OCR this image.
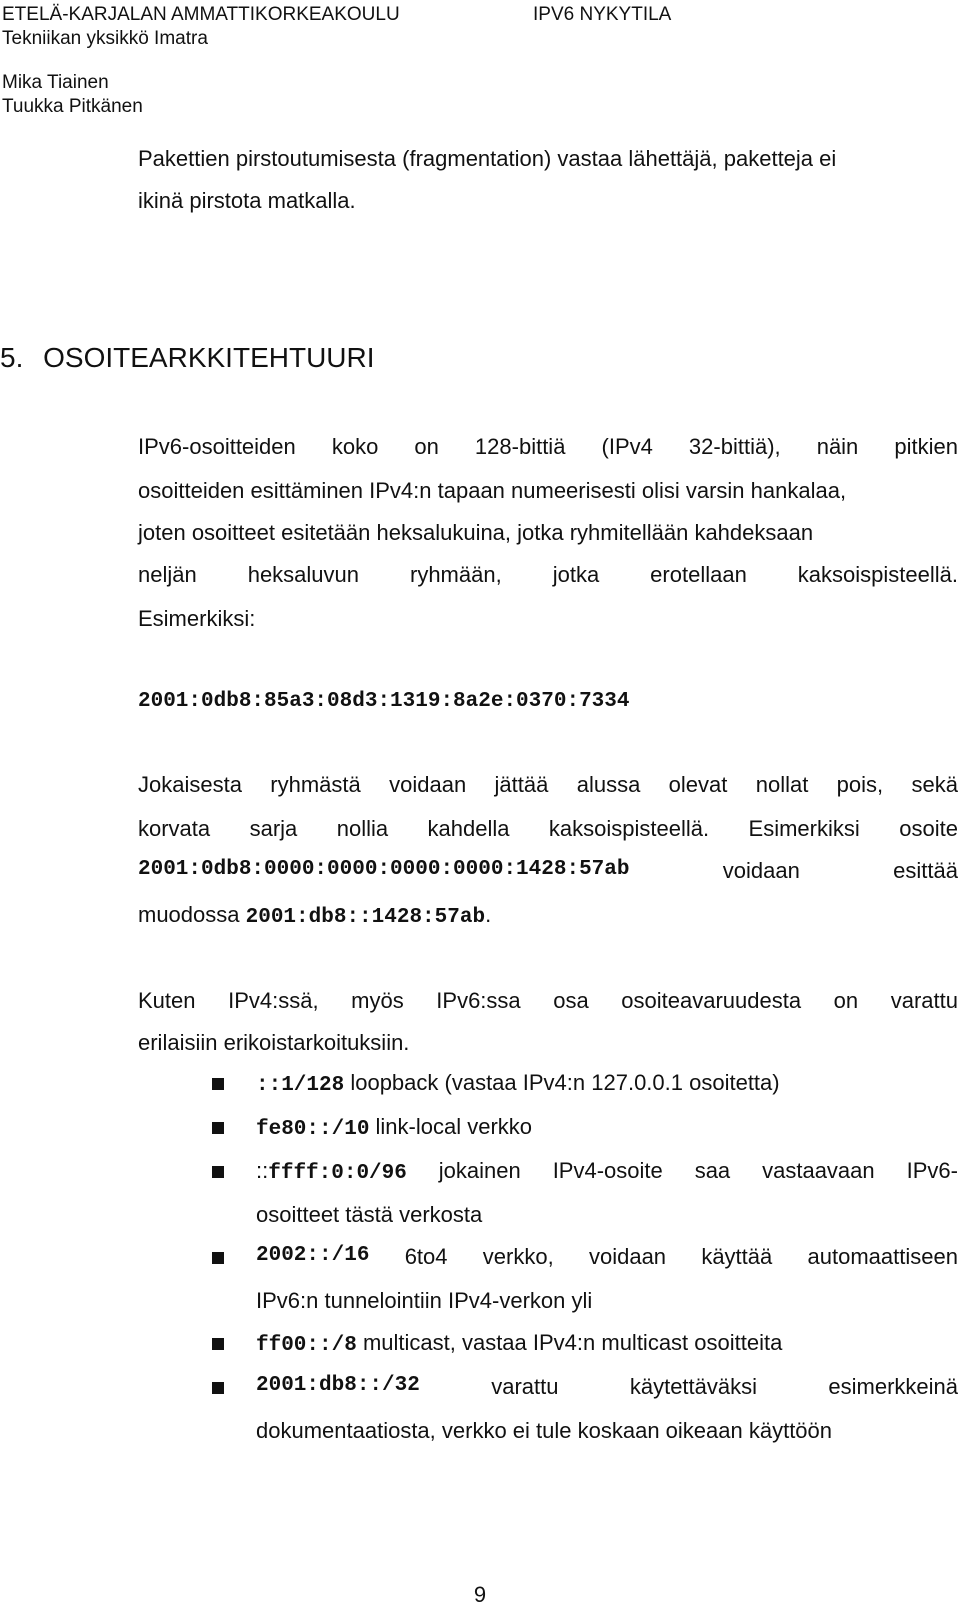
ETELÄ-KARJALAN AMMATTIKORKEAKOULU
Tekniikan yksikkö Imatra
IPV6 NYKYTILA
Mika Tiainen
Tuukka Pitkänen
Pakettien pirstoutumisesta (fragmentation) vastaa lähettäjä, paketteja ei
ikinä pirstota matkalla.
5. OSOITEARKKITEHTUURI
IPv6-osoitteiden koko on 128-bittiä (IPv4 32-bittiä), näin pitkien
osoitteiden esittäminen IPv4:n tapaan numeerisesti olisi varsin hankalaa,
joten osoitteet esitetään heksalukuina, jotka ryhmitellään kahdeksaan
neljän heksaluvun ryhmään, jotka erotellaan kaksoispisteellä.
Esimerkiksi:
2001:0db8:85a3:08d3:1319:8a2e:0370:7334
Jokaisesta ryhmästä voidaan jättää alussa olevat nollat pois, sekä
korvata sarja nollia kahdella kaksoispisteellä. Esimerkiksi osoite
2001:0db8:0000:0000:0000:0000:1428:57ab	voidaan	esittää
muodossa 2001:db8::1428:57ab.
Kuten IPv4:ssä, myös IPv6:ssa osa osoiteavaruudesta on varattu
erilaisiin erikoistarkoituksiin.
::1/128 loopback (vastaa IPv4:n 127.0.0.1 osoitetta)
fe80::/10 link-local verkko
::ffff:0:0/96 jokainen IPv4-osoite saa vastaavaan IPv6-
osoitteet tästä verkosta
2002::/16 6to4 verkko, voidaan käyttää automaattiseen
IPv6:n tunnelointiin IPv4-verkon yli
ff00::/8 multicast, vastaa IPv4:n multicast osoitteita
2001:db8::/32	varattu	käytettäväksi	esimerkkeinä
dokumentaatiosta, verkko ei tule koskaan oikeaan käyttöön
9
